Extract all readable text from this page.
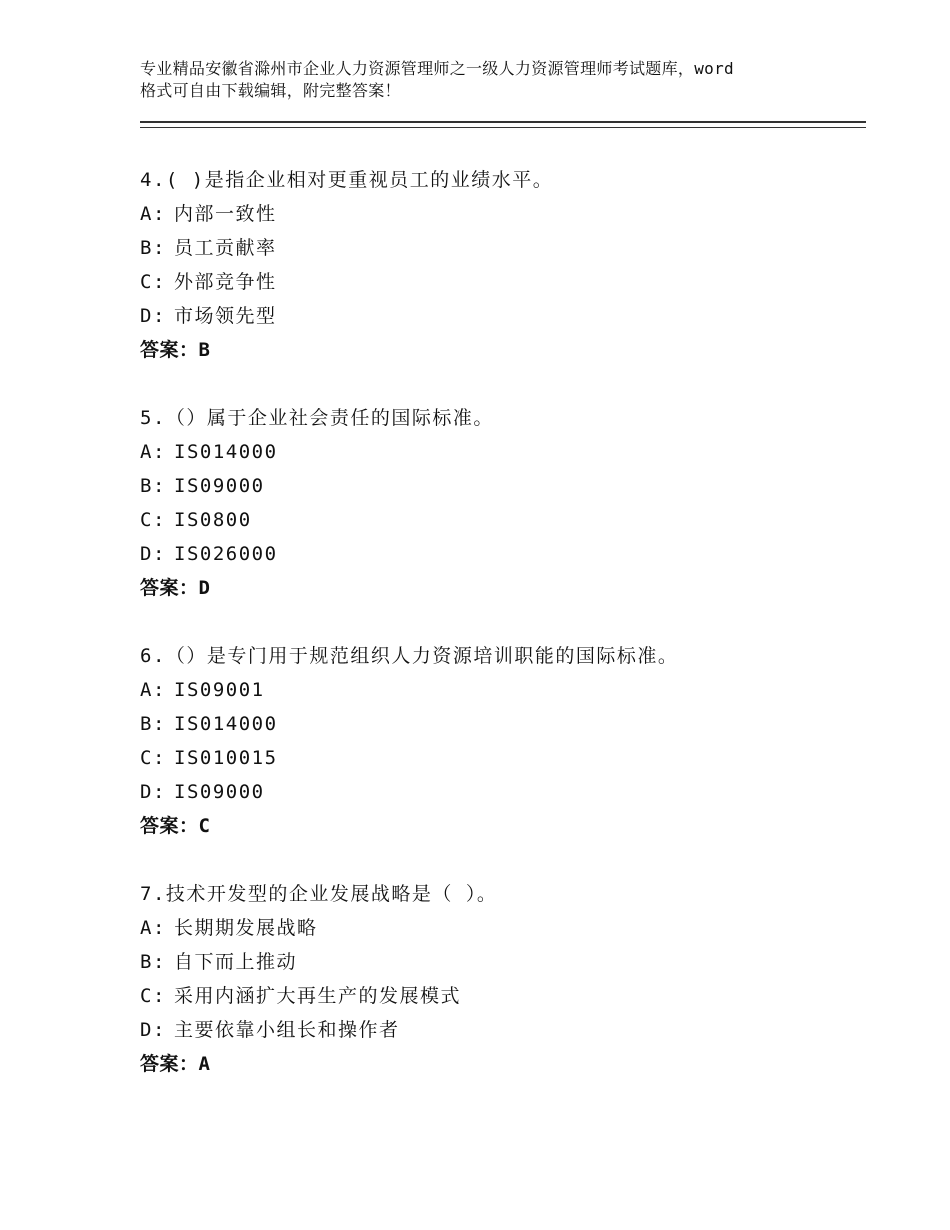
专业精品安徽省滁州市企业人力资源管理师之一级人力资源管理师考试题库，word
格式可自由下载编辑，附完整答案！
4.( )是指企业相对更重视员工的业绩水平。
A: 内部一致性
B: 员工贡献率
C: 外部竞争性
D: 市场领先型
答案：B
5.（）属于企业社会责任的国际标准。
A: IS014000
B: IS09000
C: IS0800
D: IS026000
答案：D
6.（）是专门用于规范组织人力资源培训职能的国际标准。
A: IS09001
B: IS014000
C: IS010015
D: IS09000
答案：C
7.技术开发型的企业发展战略是（ ）。
A: 长期期发展战略
B: 自下而上推动
C: 采用内涵扩大再生产的发展模式
D: 主要依靠小组长和操作者
答案：A
